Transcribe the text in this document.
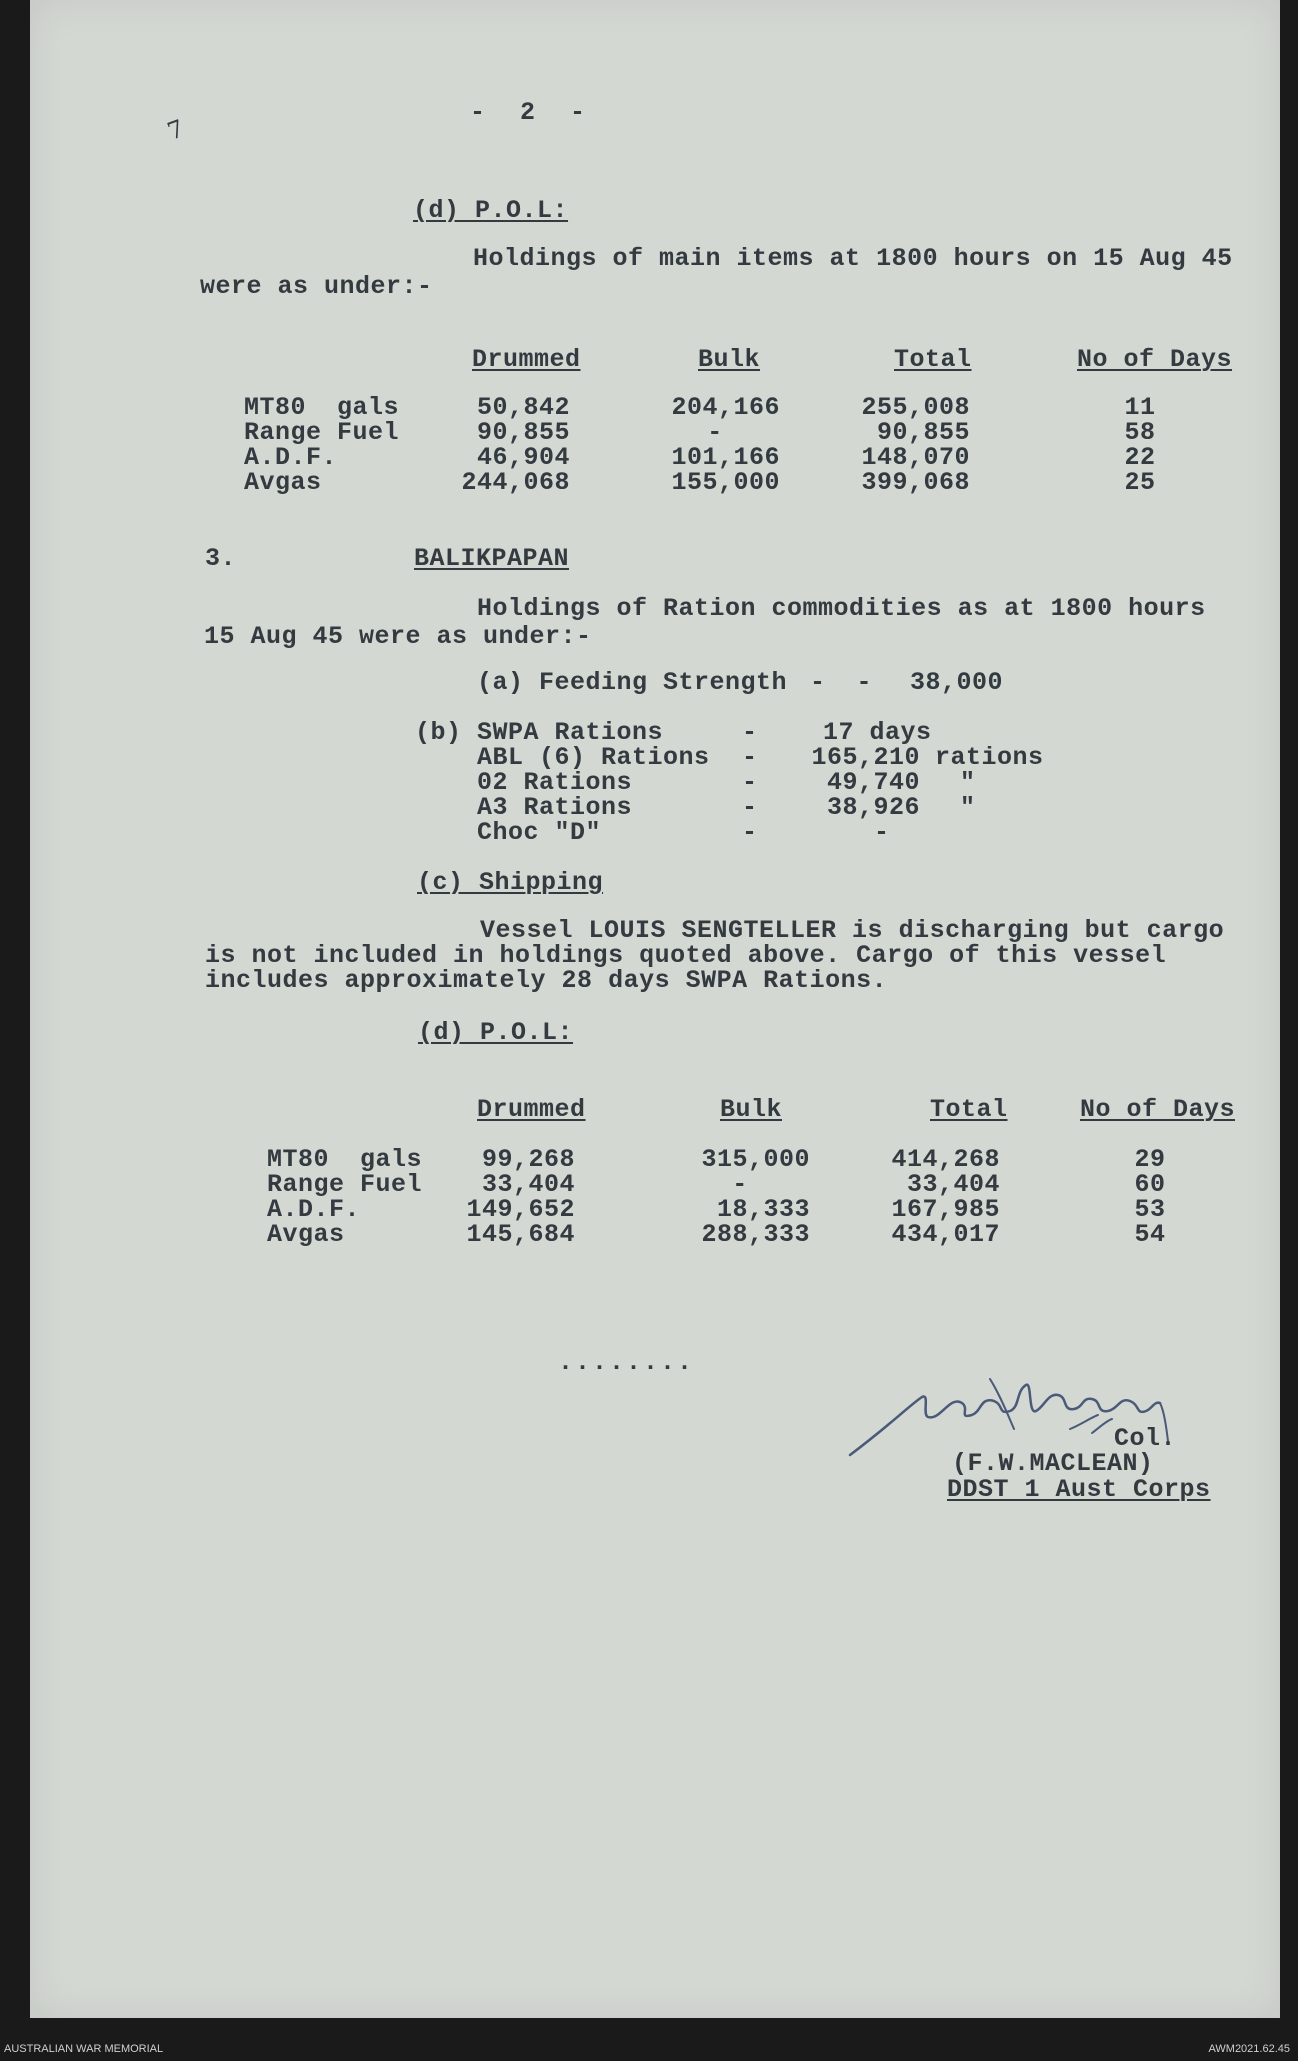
7
- 2 -
(d) P.O.L:
Holdings of main items at 1800 hours on 15 Aug 45
were as under:-
Drummed	Bulk	Total	No of Days
MT80  gals	50,842	204,166	255,008	11
Range Fuel	90,855	-	90,855	58
A.D.F.	46,904	101,166	148,070	22
Avgas	244,068	155,000	399,068	25
3.	BALIKPAPAN
Holdings of Ration commodities as at 1800 hours
15 Aug 45 were as under:-
(a) Feeding Strength -  - 38,000
(b) SWPA Rations	-	17 days
ABL (6) Rations -	165,210 rations
02 Rations	-	49,740 "
A3 Rations	-	38,926 "
Choc "D"	-	-
(c) Shipping
Vessel LOUIS SENGTELLER is discharging but cargo
is not included in holdings quoted above. Cargo of this vessel
includes approximately 28 days SWPA Rations.
(d) P.O.L:
Drummed	Bulk	Total	No of Days
MT80  gals	99,268	315,000	414,268	29
Range Fuel	33,404	-	33,404	60
A.D.F.	149,652	18,333	167,985	53
Avgas	145,684	288,333	434,017	54
........
Col.
(F.W.MACLEAN)
DDST 1 Aust Corps
AUSTRALIAN WAR MEMORIAL	AWM2021.62.45
